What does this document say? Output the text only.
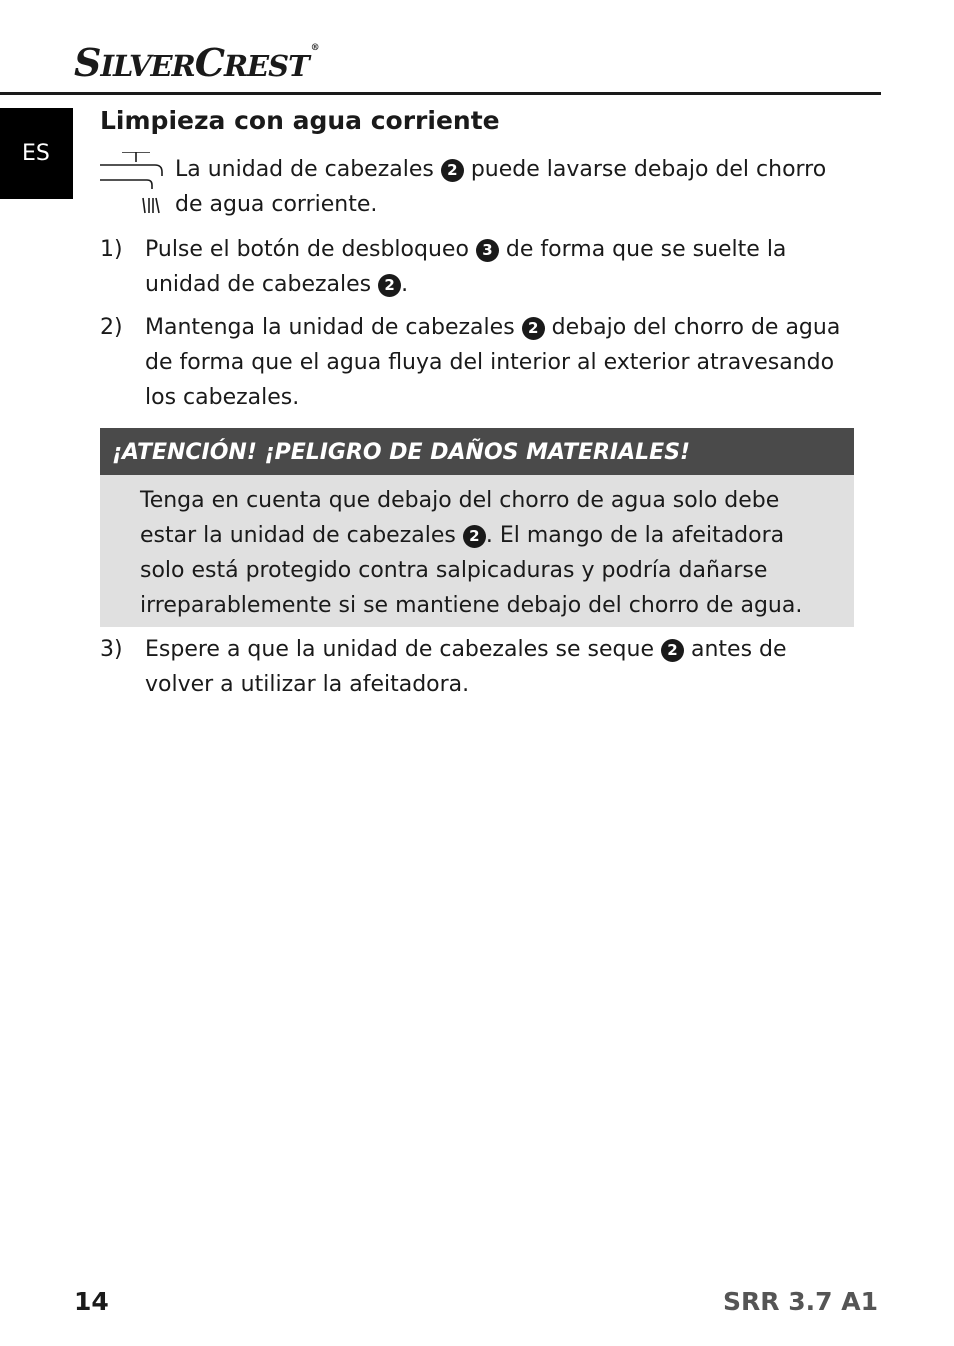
SILVERCREST®
ES
Limpieza con agua corriente

La unidad de cabezales 2 puede lavarse debajo del chorro
de agua corriente.

1)	Pulse el botón de desbloqueo 3 de forma que se suelte la unidad de cabezales 2 .
2)	Mantenga la unidad de cabezales 2 debajo del chorro de agua de forma que el agua fluya del interior al exterior atravesando los cabezales.
¡ATENCIÓN! ¡PELIGRO DE DAÑOS MATERIALES!

Tenga en cuenta que debajo del chorro de agua solo debe estar la unidad de cabezales 2 . El mango de la afeitadora solo está protegido contra salpicaduras y podría dañarse irreparablemente si se mantiene debajo del chorro de agua.

3)	Espere a que la unidad de cabezales se seque 2 antes de volver a utilizar la afeitadora.
14	SRR 3.7 A1
